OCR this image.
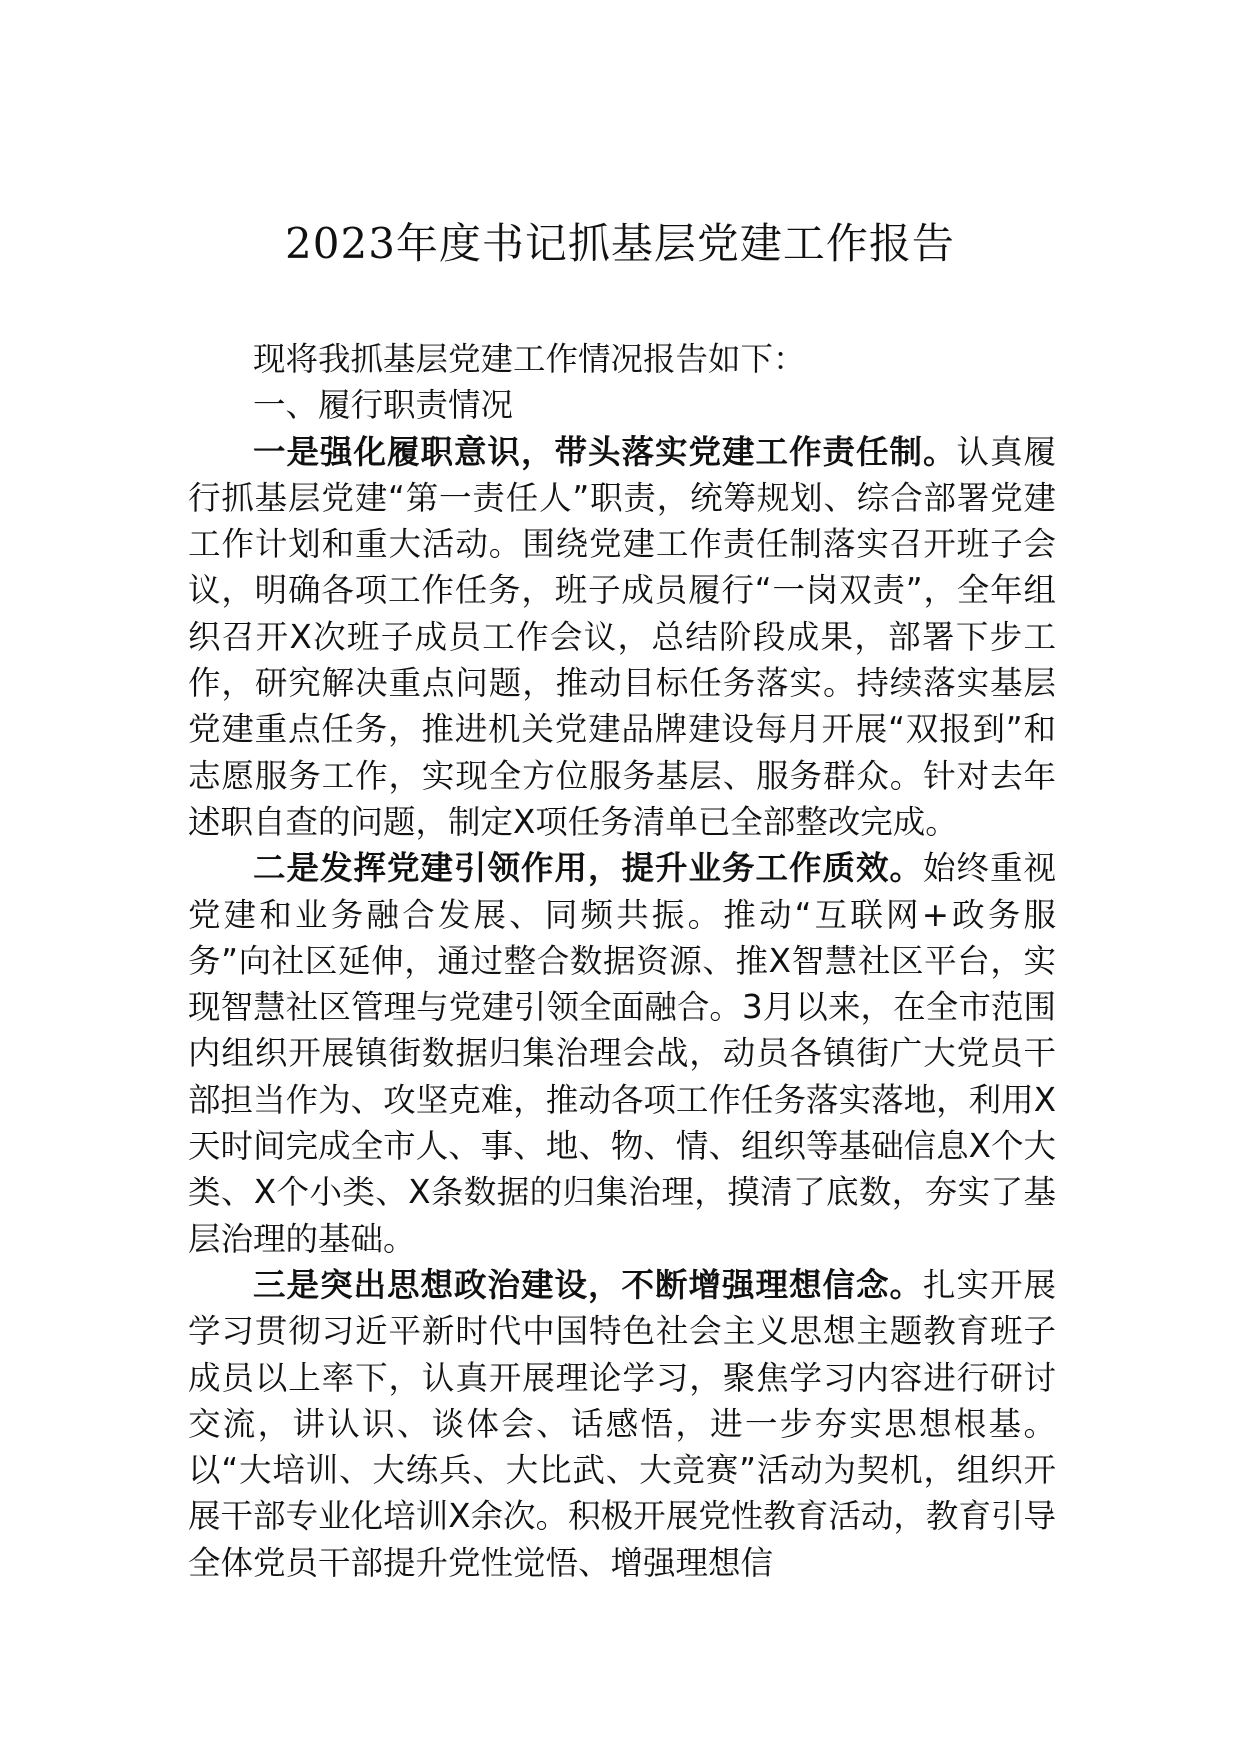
2023年度书记抓基层党建工作报告

现将我抓基层党建工作情况报告如下：

一、履行职责情况

一是强化履职意识，带头落实党建工作责任制。认真履行抓基层党建“第一责任人”职责，统筹规划、综合部署党建工作计划和重大活动。围绕党建工作责任制落实召开班子会议，明确各项工作任务，班子成员履行“一岗双责”，全年组织召开X次班子成员工作会议，总结阶段成果，部署下步工作，研究解决重点问题，推动目标任务落实。持续落实基层党建重点任务，推进机关党建品牌建设每月开展“双报到”和志愿服务工作，实现全方位服务基层、服务群众。针对去年述职自查的问题，制定X项任务清单已全部整改完成。

二是发挥党建引领作用，提升业务工作质效。始终重视党建和业务融合发展、同频共振。推动“互联网+政务服务”向社区延伸，通过整合数据资源、推X智慧社区平台，实现智慧社区管理与党建引领全面融合。3月以来，在全市范围内组织开展镇街数据归集治理会战，动员各镇街广大党员干部担当作为、攻坚克难，推动各项工作任务落实落地，利用X天时间完成全市人、事、地、物、情、组织等基础信息X个大类、X个小类、X条数据的归集治理，摸清了底数，夯实了基层治理的基础。

三是突出思想政治建设，不断增强理想信念。扎实开展学习贯彻习近平新时代中国特色社会主义思想主题教育班子成员以上率下，认真开展理论学习，聚焦学习内容进行研讨交流，讲认识、谈体会、话感悟，进一步夯实思想根基。以“大培训、大练兵、大比武、大竞赛”活动为契机，组织开展干部专业化培训X余次。积极开展党性教育活动，教育引导全体党员干部提升党性觉悟、增强理想信
